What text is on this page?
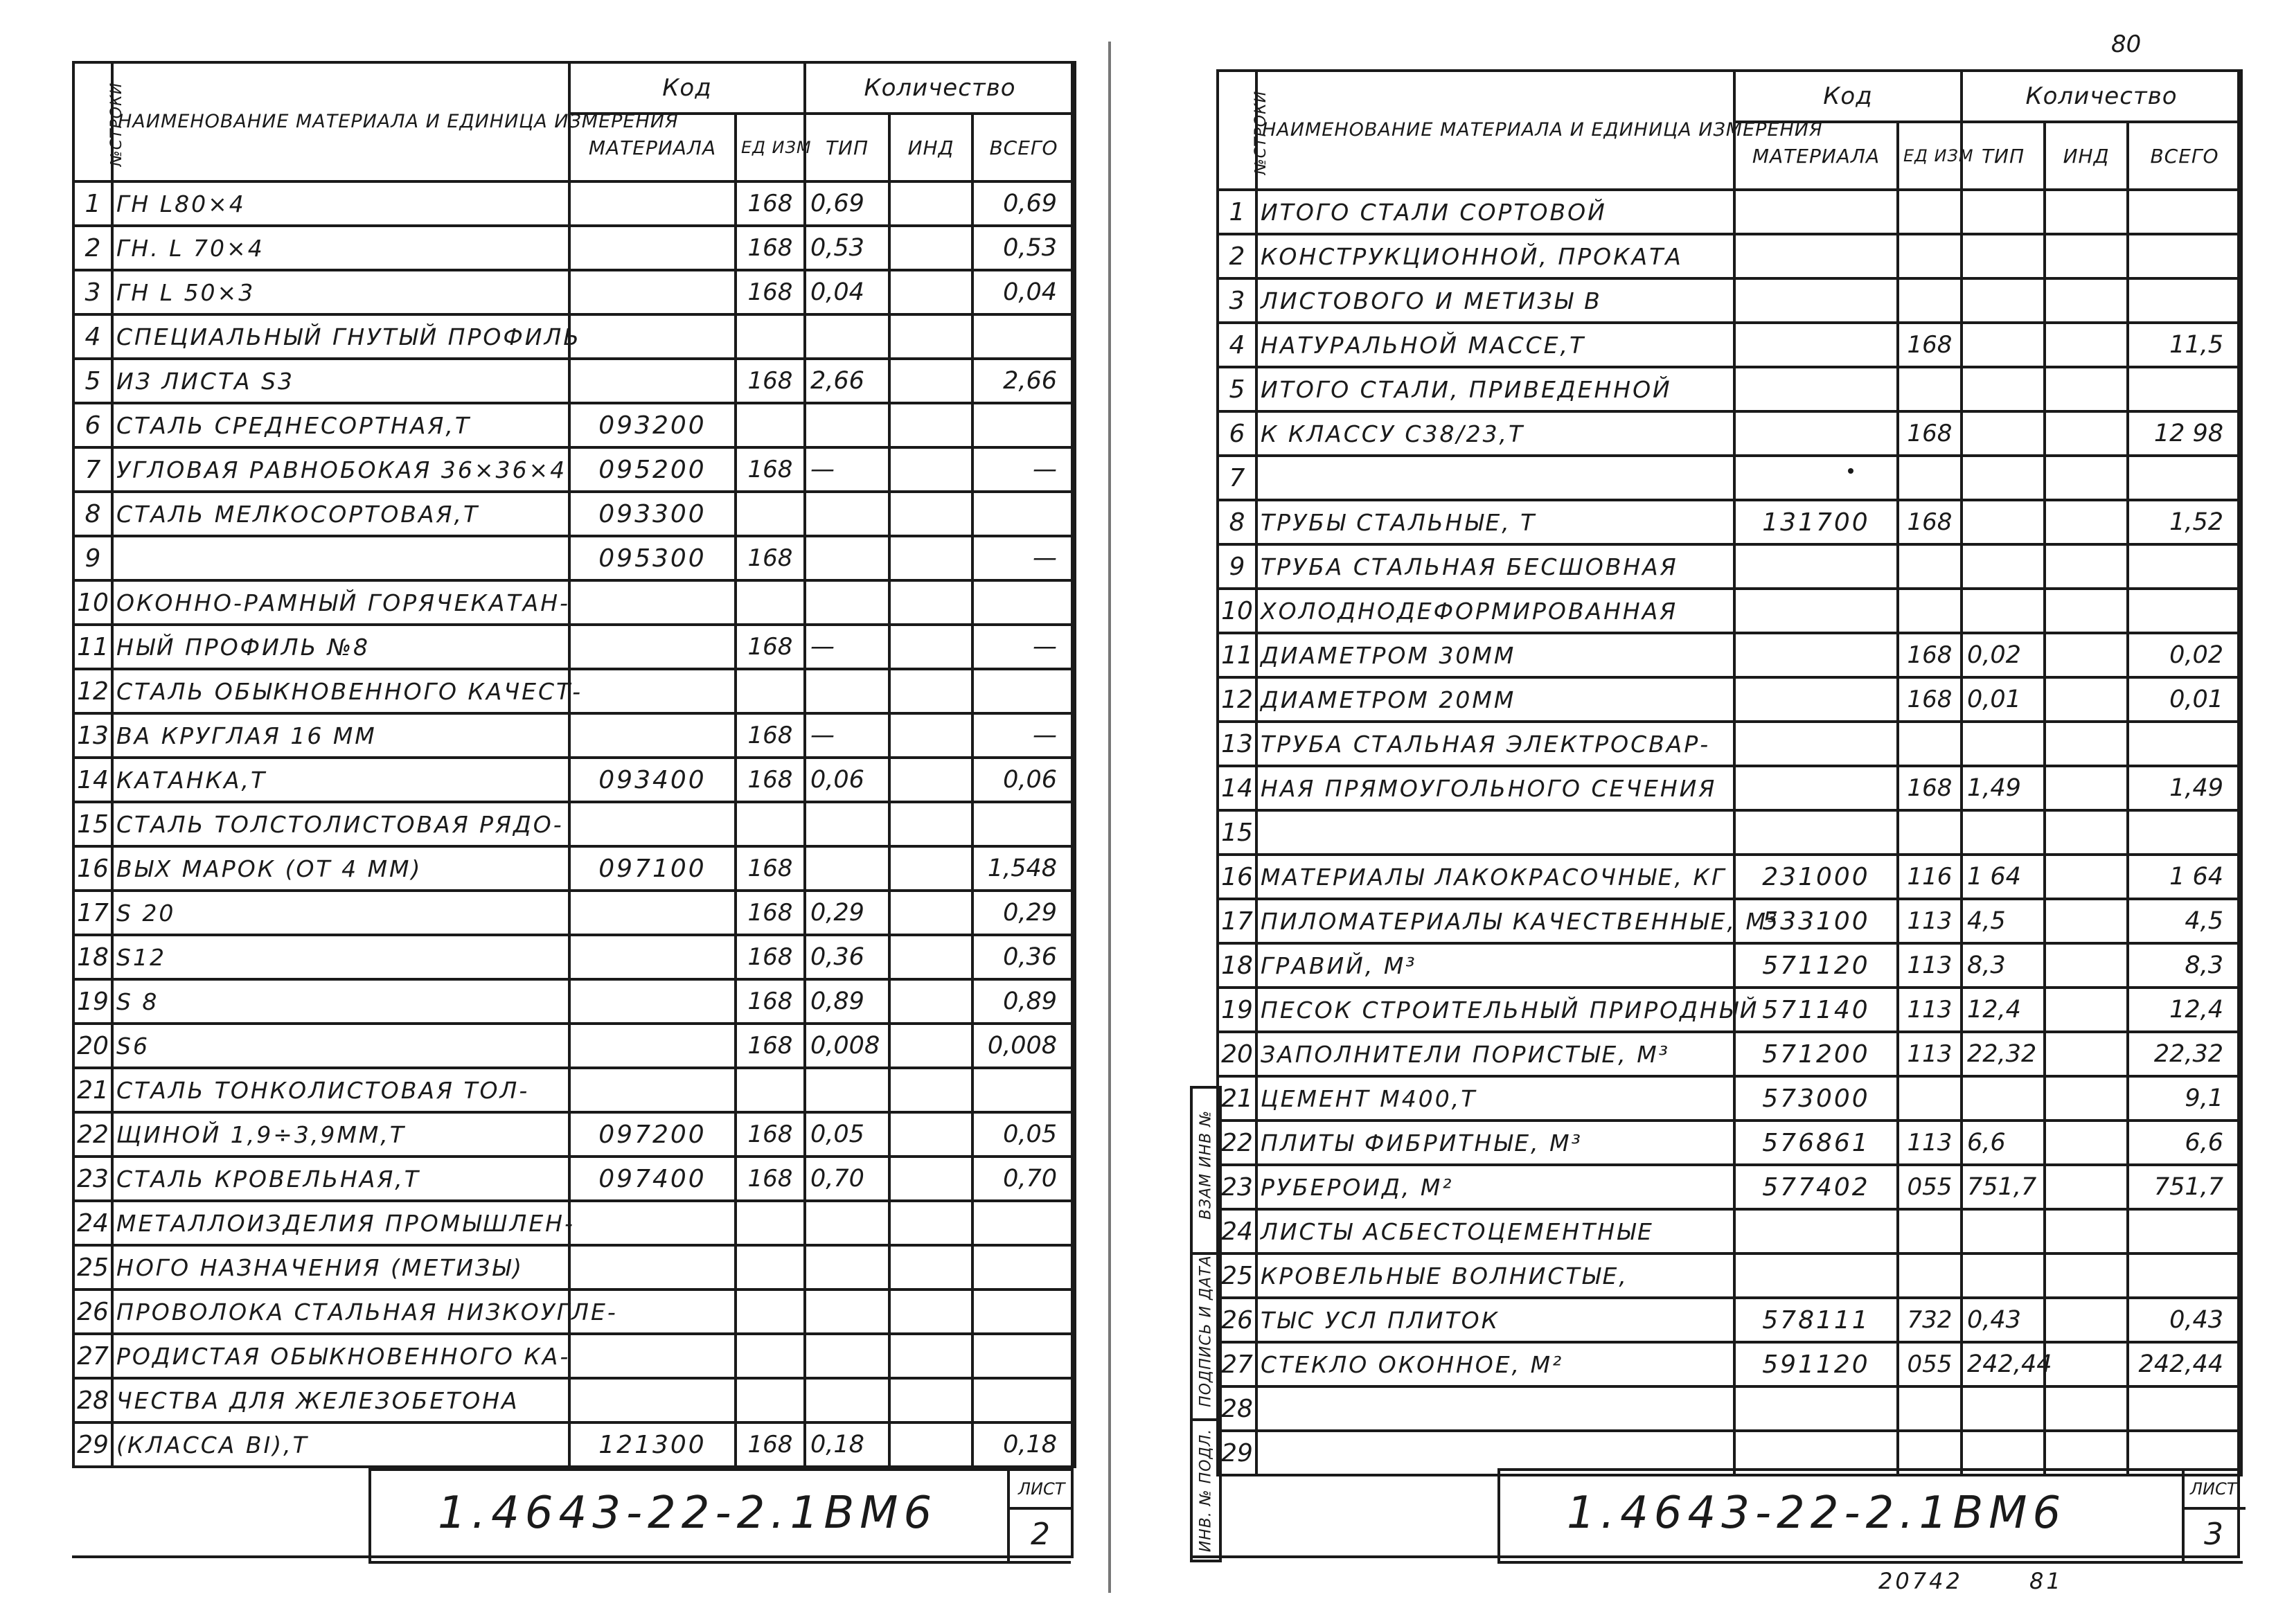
№СТРОКИ	НАИМЕНОВАНИЕ МАТЕРИАЛА И ЕДИНИЦА ИЗМЕРЕНИЯ	Код		Количество		
		МАТЕРИАЛА	ЕД ИЗМ	ТИП	ИНД	ВСЕГО
1	ГН L80×4		168	0,69		0,69
2	ГН. L 70×4		168	0,53		0,53
3	ГН L 50×3		168	0,04		0,04
4	СПЕЦИАЛЬНЫЙ ГНУТЫЙ ПРОФИЛЬ					
5	ИЗ ЛИСТА S3		168	2,66		2,66
6	СТАЛЬ СРЕДНЕСОРТНАЯ,Т	093200				
7	УГЛОВАЯ РАВНОБОКАЯ 36×36×4	095200	168	—		—
8	СТАЛЬ МЕЛКОСОРТОВАЯ,Т	093300				
9		095300	168			—
10	ОКОННО-РАМНЫЙ ГОРЯЧЕКАТАН-					
11	НЫЙ ПРОФИЛЬ №8		168	—		—
12	СТАЛЬ ОБЫКНОВЕННОГО КАЧЕСТ-					
13	ВА КРУГЛАЯ 16 ММ		168	—		—
14	КАТАНКА,Т	093400	168	0,06		0,06
15	СТАЛЬ ТОЛСТОЛИСТОВАЯ РЯДО-					
16	ВЫХ МАРОК (ОТ 4 ММ)	097100	168			1,548
17	S 20		168	0,29		0,29
18	S12		168	0,36		0,36
19	S 8		168	0,89		0,89
20	S6		168	0,008		0,008
21	СТАЛЬ ТОНКОЛИСТОВАЯ ТОЛ-					
22	ЩИНОЙ 1,9÷3,9ММ,Т	097200	168	0,05		0,05
23	СТАЛЬ КРОВЕЛЬНАЯ,Т	097400	168	0,70		0,70
24	МЕТАЛЛОИЗДЕЛИЯ ПРОМЫШЛЕН-					
25	НОГО НАЗНАЧЕНИЯ (МЕТИЗЫ)					
26	ПРОВОЛОКА СТАЛЬНАЯ НИЗКОУГЛЕ-					
27	РОДИСТАЯ ОБЫКНОВЕННОГО КА-					
28	ЧЕСТВА ДЛЯ ЖЕЛЕЗОБЕТОНА					
29	(КЛАССА BI),Т	121300	168	0,18		0,18
1.4643-22-2.1ВМ6	ЛИСТ
2
№СТРОКИ	НАИМЕНОВАНИЕ МАТЕРИАЛА И ЕДИНИЦА ИЗМЕРЕНИЯ	Код		Количество		
		МАТЕРИАЛА	ЕД ИЗМ	ТИП	ИНД	ВСЕГО
1	ИТОГО СТАЛИ СОРТОВОЙ					
2	КОНСТРУКЦИОННОЙ, ПРОКАТА					
3	ЛИСТОВОГО И МЕТИЗЫ В					
4	НАТУРАЛЬНОЙ МАССЕ,Т		168			11,5
5	ИТОГО СТАЛИ, ПРИВЕДЕННОЙ					
6	К КЛАССУ С38/23,Т		168			12 98
7						
8	ТРУБЫ СТАЛЬНЫЕ, Т	131700	168			1,52
9	ТРУБА СТАЛЬНАЯ БЕСШОВНАЯ					
10	ХОЛОДНОДЕФОРМИРОВАННАЯ					
11	ДИАМЕТРОМ 30ММ		168	0,02		0,02
12	ДИАМЕТРОМ 20ММ		168	0,01		0,01
13	ТРУБА СТАЛЬНАЯ ЭЛЕКТРОСВАР-					
14	НАЯ ПРЯМОУГОЛЬНОГО СЕЧЕНИЯ		168	1,49		1,49
15						
16	МАТЕРИАЛЫ ЛАКОКРАСОЧНЫЕ, КГ	231000	116	1 64		1 64
17	ПИЛОМАТЕРИАЛЫ КАЧЕСТВЕННЫЕ, М³	533100	113	4,5		4,5
18	ГРАВИЙ, М³	571120	113	8,3		8,3
19	ПЕСОК СТРОИТЕЛЬНЫЙ ПРИРОДНЫЙ	571140	113	12,4		12,4
20	ЗАПОЛНИТЕЛИ ПОРИСТЫЕ, М³	571200	113	22,32		22,32
21	ЦЕМЕНТ М400,Т	573000				9,1
22	ПЛИТЫ ФИБРИТНЫЕ, М³	576861	113	6,6		6,6
23	РУБЕРОИД, М²	577402	055	751,7		751,7
24	ЛИСТЫ АСБЕСТОЦЕМЕНТНЫЕ					
25	КРОВЕЛЬНЫЕ ВОЛНИСТЫЕ,					
26	ТЫС УСЛ ПЛИТОК	578111	732	0,43		0,43
27	СТЕКЛО ОКОННОЕ, М²	591120	055	242,44		242,44
28						
29						
ВЗАМ ИНВ №
ПОДПИСЬ И ДАТА
ИНВ. № ПОДЛ.	1.4643-22-2.1ВМ6	ЛИСТ
3
80
20742	81
